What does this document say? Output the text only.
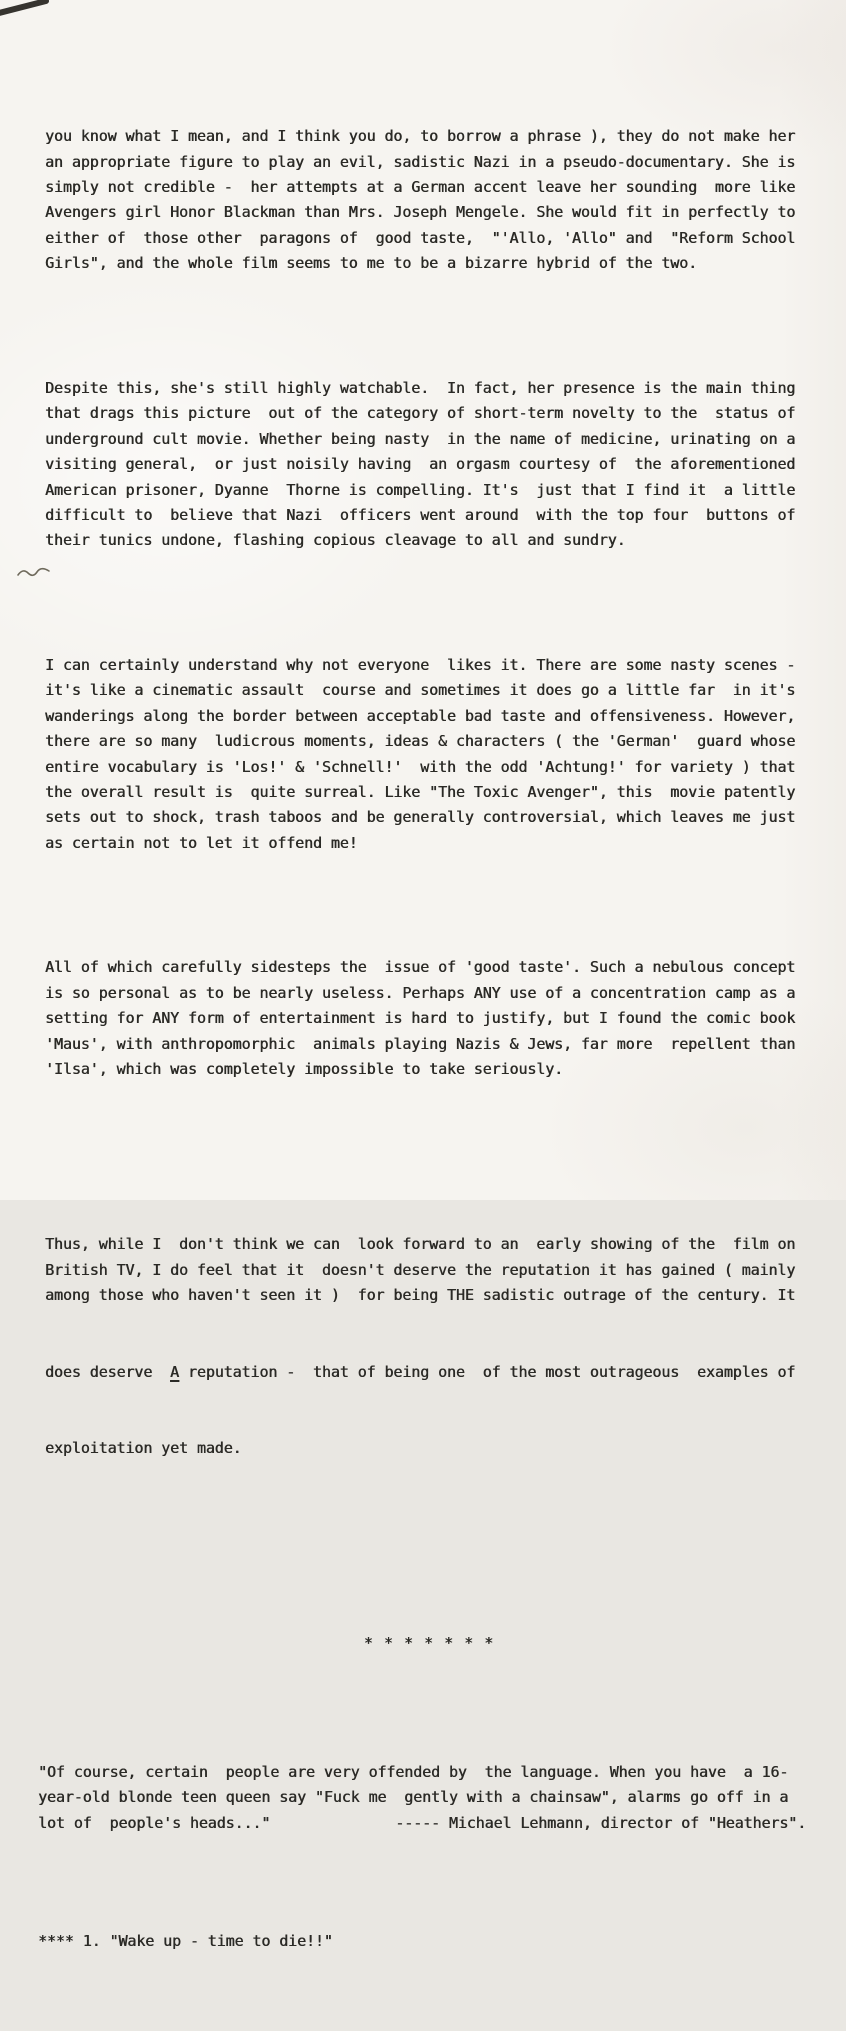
you know what I mean, and I think you do, to borrow a phrase ), they do not make her
an appropriate figure to play an evil, sadistic Nazi in a pseudo-documentary. She is
simply not credible -  her attempts at a German accent leave her sounding  more like
Avengers girl Honor Blackman than Mrs. Joseph Mengele. She would fit in perfectly to
either of  those other  paragons of  good taste,  "'Allo, 'Allo" and  "Reform School
Girls", and the whole film seems to me to be a bizarre hybrid of the two.

Despite this, she's still highly watchable.  In fact, her presence is the main thing
that drags this picture  out of the category of short-term novelty to the  status of
underground cult movie. Whether being nasty  in the name of medicine, urinating on a
visiting general,  or just noisily having  an orgasm courtesy of  the aforementioned
American prisoner, Dyanne  Thorne is compelling. It's  just that I find it  a little
difficult to  believe that Nazi  officers went around  with the top four  buttons of
their tunics undone, flashing copious cleavage to all and sundry.

I can certainly understand why not everyone  likes it. There are some nasty scenes -
it's like a cinematic assault  course and sometimes it does go a little far  in it's
wanderings along the border between acceptable bad taste and offensiveness. However,
there are so many  ludicrous moments, ideas & characters ( the 'German'  guard whose
entire vocabulary is 'Los!' & 'Schnell!'  with the odd 'Achtung!' for variety ) that
the overall result is  quite surreal. Like "The Toxic Avenger", this  movie patently
sets out to shock, trash taboos and be generally controversial, which leaves me just
as certain not to let it offend me!

All of which carefully sidesteps the  issue of 'good taste'. Such a nebulous concept
is so personal as to be nearly useless. Perhaps ANY use of a concentration camp as a
setting for ANY form of entertainment is hard to justify, but I found the comic book
'Maus', with anthropomorphic  animals playing Nazis & Jews, far more  repellent than
'Ilsa', which was completely impossible to take seriously.

Thus, while I  don't think we can  look forward to an  early showing of the  film on
British TV, I do feel that it  doesn't deserve the reputation it has gained ( mainly
among those who haven't seen it )  for being THE sadistic outrage of the century. It

does deserve  A reputation -  that of being one  of the most outrageous  examples of

exploitation yet made.

* * * * * * *

"Of course, certain  people are very offended by  the language. When you have  a 16-
year-old blonde teen queen say "Fuck me  gently with a chainsaw", alarms go off in a
lot of  people's heads..."              ----- Michael Lehmann, director of "Heathers".

**** 1. "Wake up - time to die!!"
